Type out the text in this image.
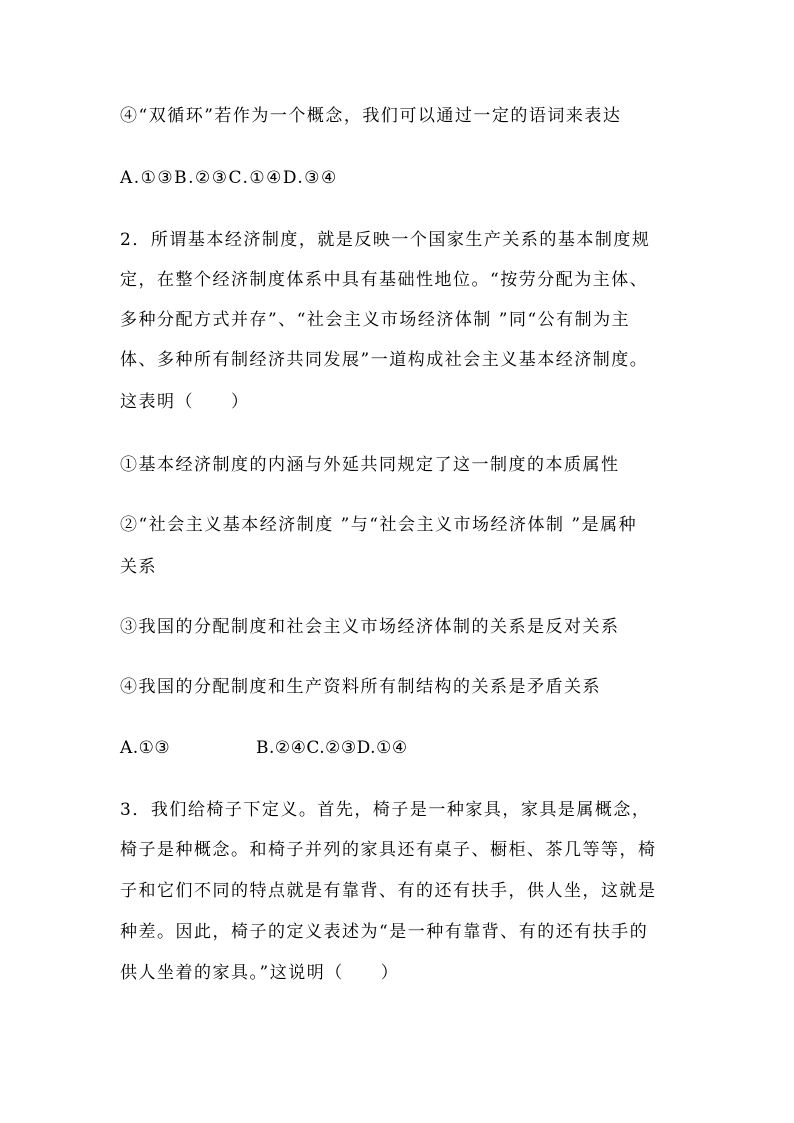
④“双循环”若作为一个概念，我们可以通过一定的语词来表达
A.①③B.②③C.①④D.③④
2．所谓基本经济制度，就是反映一个国家生产关系的基本制度规
定，在整个经济制度体系中具有基础性地位。“按劳分配为主体、
多种分配方式并存”、“社会主义市场经济体制 ”同“公有制为主
体、多种所有制经济共同发展”一道构成社会主义基本经济制度。
这表明（　　）
①基本经济制度的内涵与外延共同规定了这一制度的本质属性
②“社会主义基本经济制度 ”与“社会主义市场经济体制 ”是属种
关系
③我国的分配制度和社会主义市场经济体制的关系是反对关系
④我国的分配制度和生产资料所有制结构的关系是矛盾关系
A.①③	B.②④C.②③D.①④
3．我们给椅子下定义。首先，椅子是一种家具，家具是属概念，
椅子是种概念。和椅子并列的家具还有桌子、橱柜、茶几等等，椅
子和它们不同的特点就是有靠背、有的还有扶手，供人坐，这就是
种差。因此，椅子的定义表述为“是一种有靠背、有的还有扶手的
供人坐着的家具。”这说明（　　）
